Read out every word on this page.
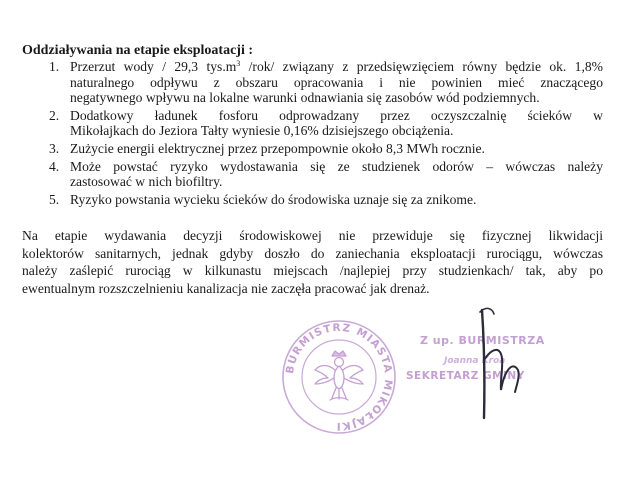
Oddziaływania na etapie eksploatacji :

1. Przerzut wody / 29,3 $tys.m^3$ /rok/ związany z przedsięwzięciem równy będzie ok. 1,8%
naturalnego odpływu z obszaru opracowania i nie powinien mieć znaczącego
negatywnego wpływu na lokalne warunki odnawiania się zasobów wód podziemnych.
2. Dodatkowy ładunek fosforu odprowadzany przez oczyszczalnię ścieków w
Mikołajkach do Jeziora Tałty wyniesie 0,16% dzisiejszego obciążenia.
3. Zużycie energii elektrycznej przez przepompownie około 8,3 MWh rocznie.
4. Może powstać ryzyko wydostawania się ze studzienek odorów – wówczas należy
zastosować w nich biofiltry.
5. Ryzyko powstania wycieku ścieków do środowiska uznaje się za znikome.

Na etapie wydawania decyzji środowiskowej nie przewiduje się fizycznej likwidacji
kolektorów sanitarnych, jednak gdyby doszło do zaniechania eksploatacji rurociągu, wówczas
należy zaślepić rurociąg w kilkunastu miejscach /najlepiej przy studzienkach/ tak, aby po
ewentualnym rozszczelnieniu kanalizacja nie zaczęła pracować jak drenaż.

BURMISTRZ MIASTA MIKOŁAJKI
Z up. BURMISTRZA
Joanna Kroa
SEKRETARZ GMINY
